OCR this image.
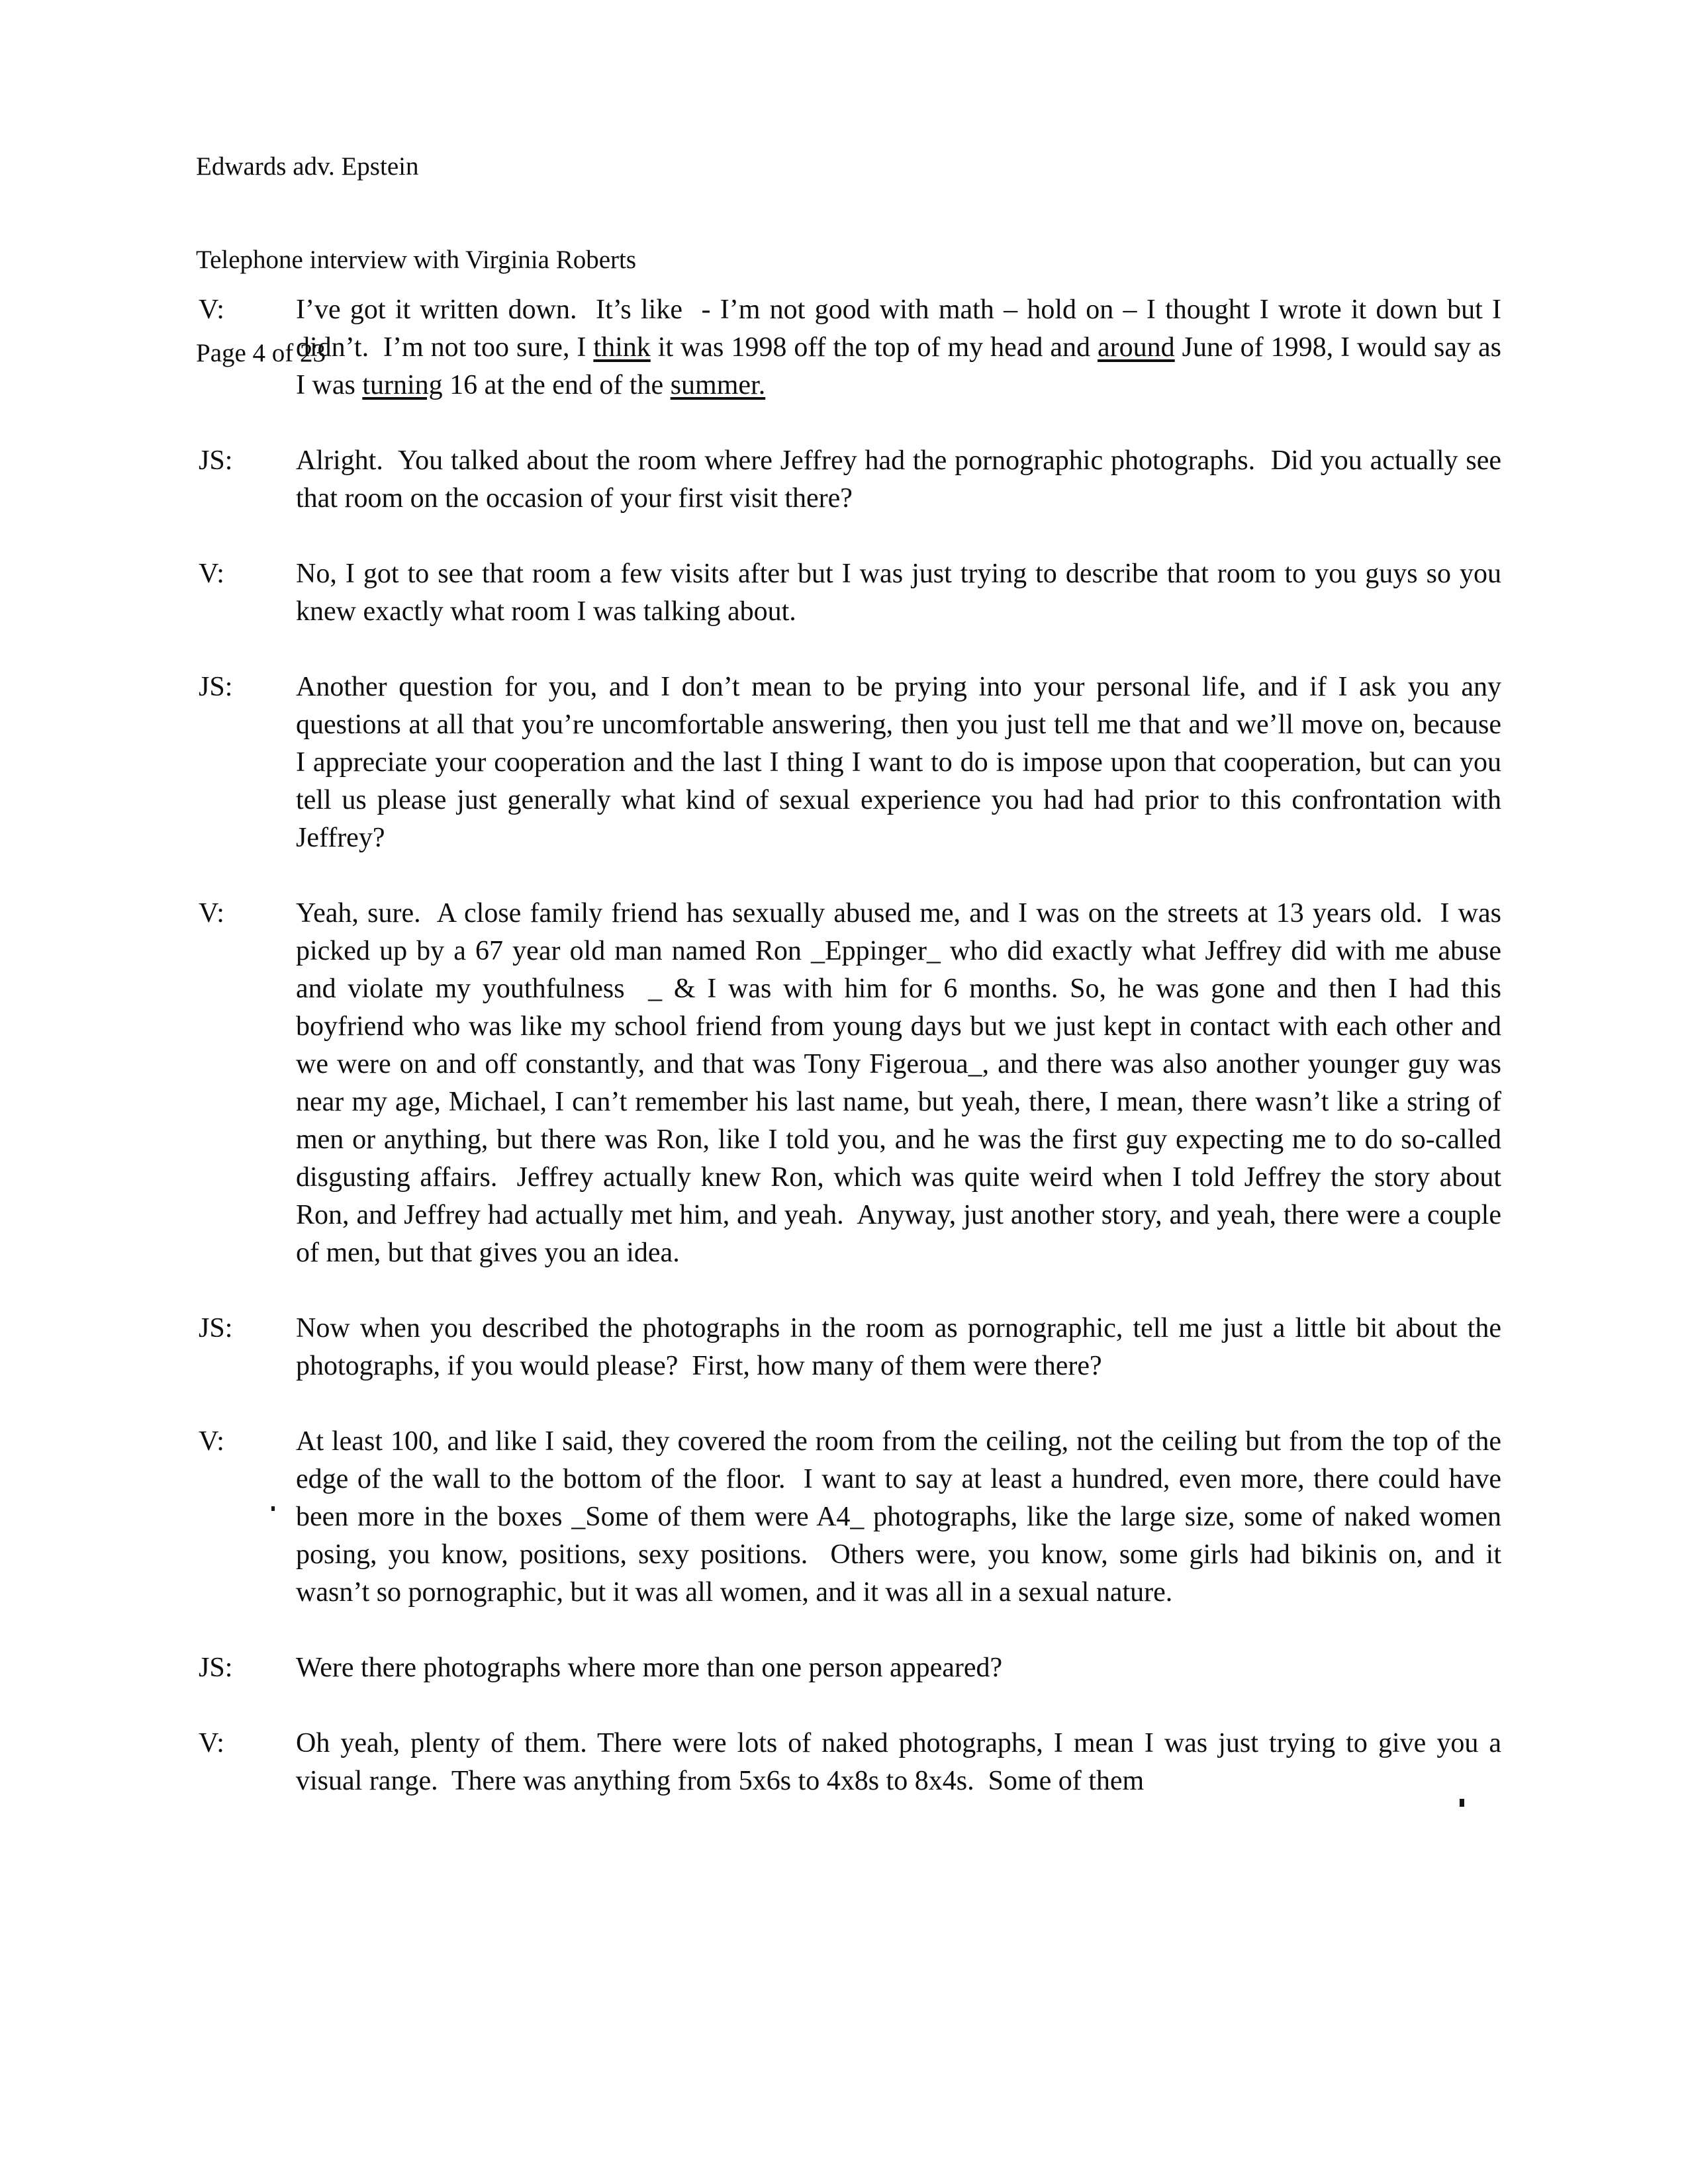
Edwards adv. Epstein

Telephone interview with Virginia Roberts

Page 4 of 23

V:	I’ve got it written down.  It’s like  - I’m not good with math – hold on – I thought I wrote it down but I didn’t.  I’m not too sure, I think it was 1998 off the top of my head and around June of 1998, I would say as I was turning 16 at the end of the summer.
JS:	Alright.  You talked about the room where Jeffrey had the pornographic photographs.  Did you actually see that room on the occasion of your first visit there?
V:	No, I got to see that room a few visits after but I was just trying to describe that room to you guys so you knew exactly what room I was talking about.
JS:	Another question for you, and I don’t mean to be prying into your personal life, and if I ask you any questions at all that you’re uncomfortable answering, then you just tell me that and we’ll move on, because I appreciate your cooperation and the last I thing I want to do is impose upon that cooperation, but can you tell us please just generally what kind of sexual experience you had had prior to this confrontation with Jeffrey?
V:	Yeah, sure.  A close family friend has sexually abused me, and I was on the streets at 13 years old.  I was picked up by a 67 year old man named Ron _Eppinger_ who did exactly what Jeffrey did with me abuse and violate my youthfulness  _ & I was with him for 6 months. So, he was gone and then I had this boyfriend who was like my school friend from young days but we just kept in contact with each other and we were on and off constantly, and that was Tony Figeroua_, and there was also another younger guy was near my age, Michael, I can’t remember his last name, but yeah, there, I mean, there wasn’t like a string of men or anything, but there was Ron, like I told you, and he was the first guy expecting me to do so-called disgusting affairs.  Jeffrey actually knew Ron, which was quite weird when I told Jeffrey the story about Ron, and Jeffrey had actually met him, and yeah.  Anyway, just another story, and yeah, there were a couple of men, but that gives you an idea.
JS:	Now when you described the photographs in the room as pornographic, tell me just a little bit about the photographs, if you would please?  First, how many of them were there?
V:	At least 100, and like I said, they covered the room from the ceiling, not the ceiling but from the top of the edge of the wall to the bottom of the floor.  I want to say at least a hundred, even more, there could have been more in the boxes _Some of them were A4_ photographs, like the large size, some of naked women posing, you know, positions, sexy positions.  Others were, you know, some girls had bikinis on, and it wasn’t so pornographic, but it was all women, and it was all in a sexual nature.
JS:	Were there photographs where more than one person appeared?
V:	Oh yeah, plenty of them. There were lots of naked photographs, I mean I was just trying to give you a visual range.  There was anything from 5x6s to 4x8s to 8x4s.  Some of them
